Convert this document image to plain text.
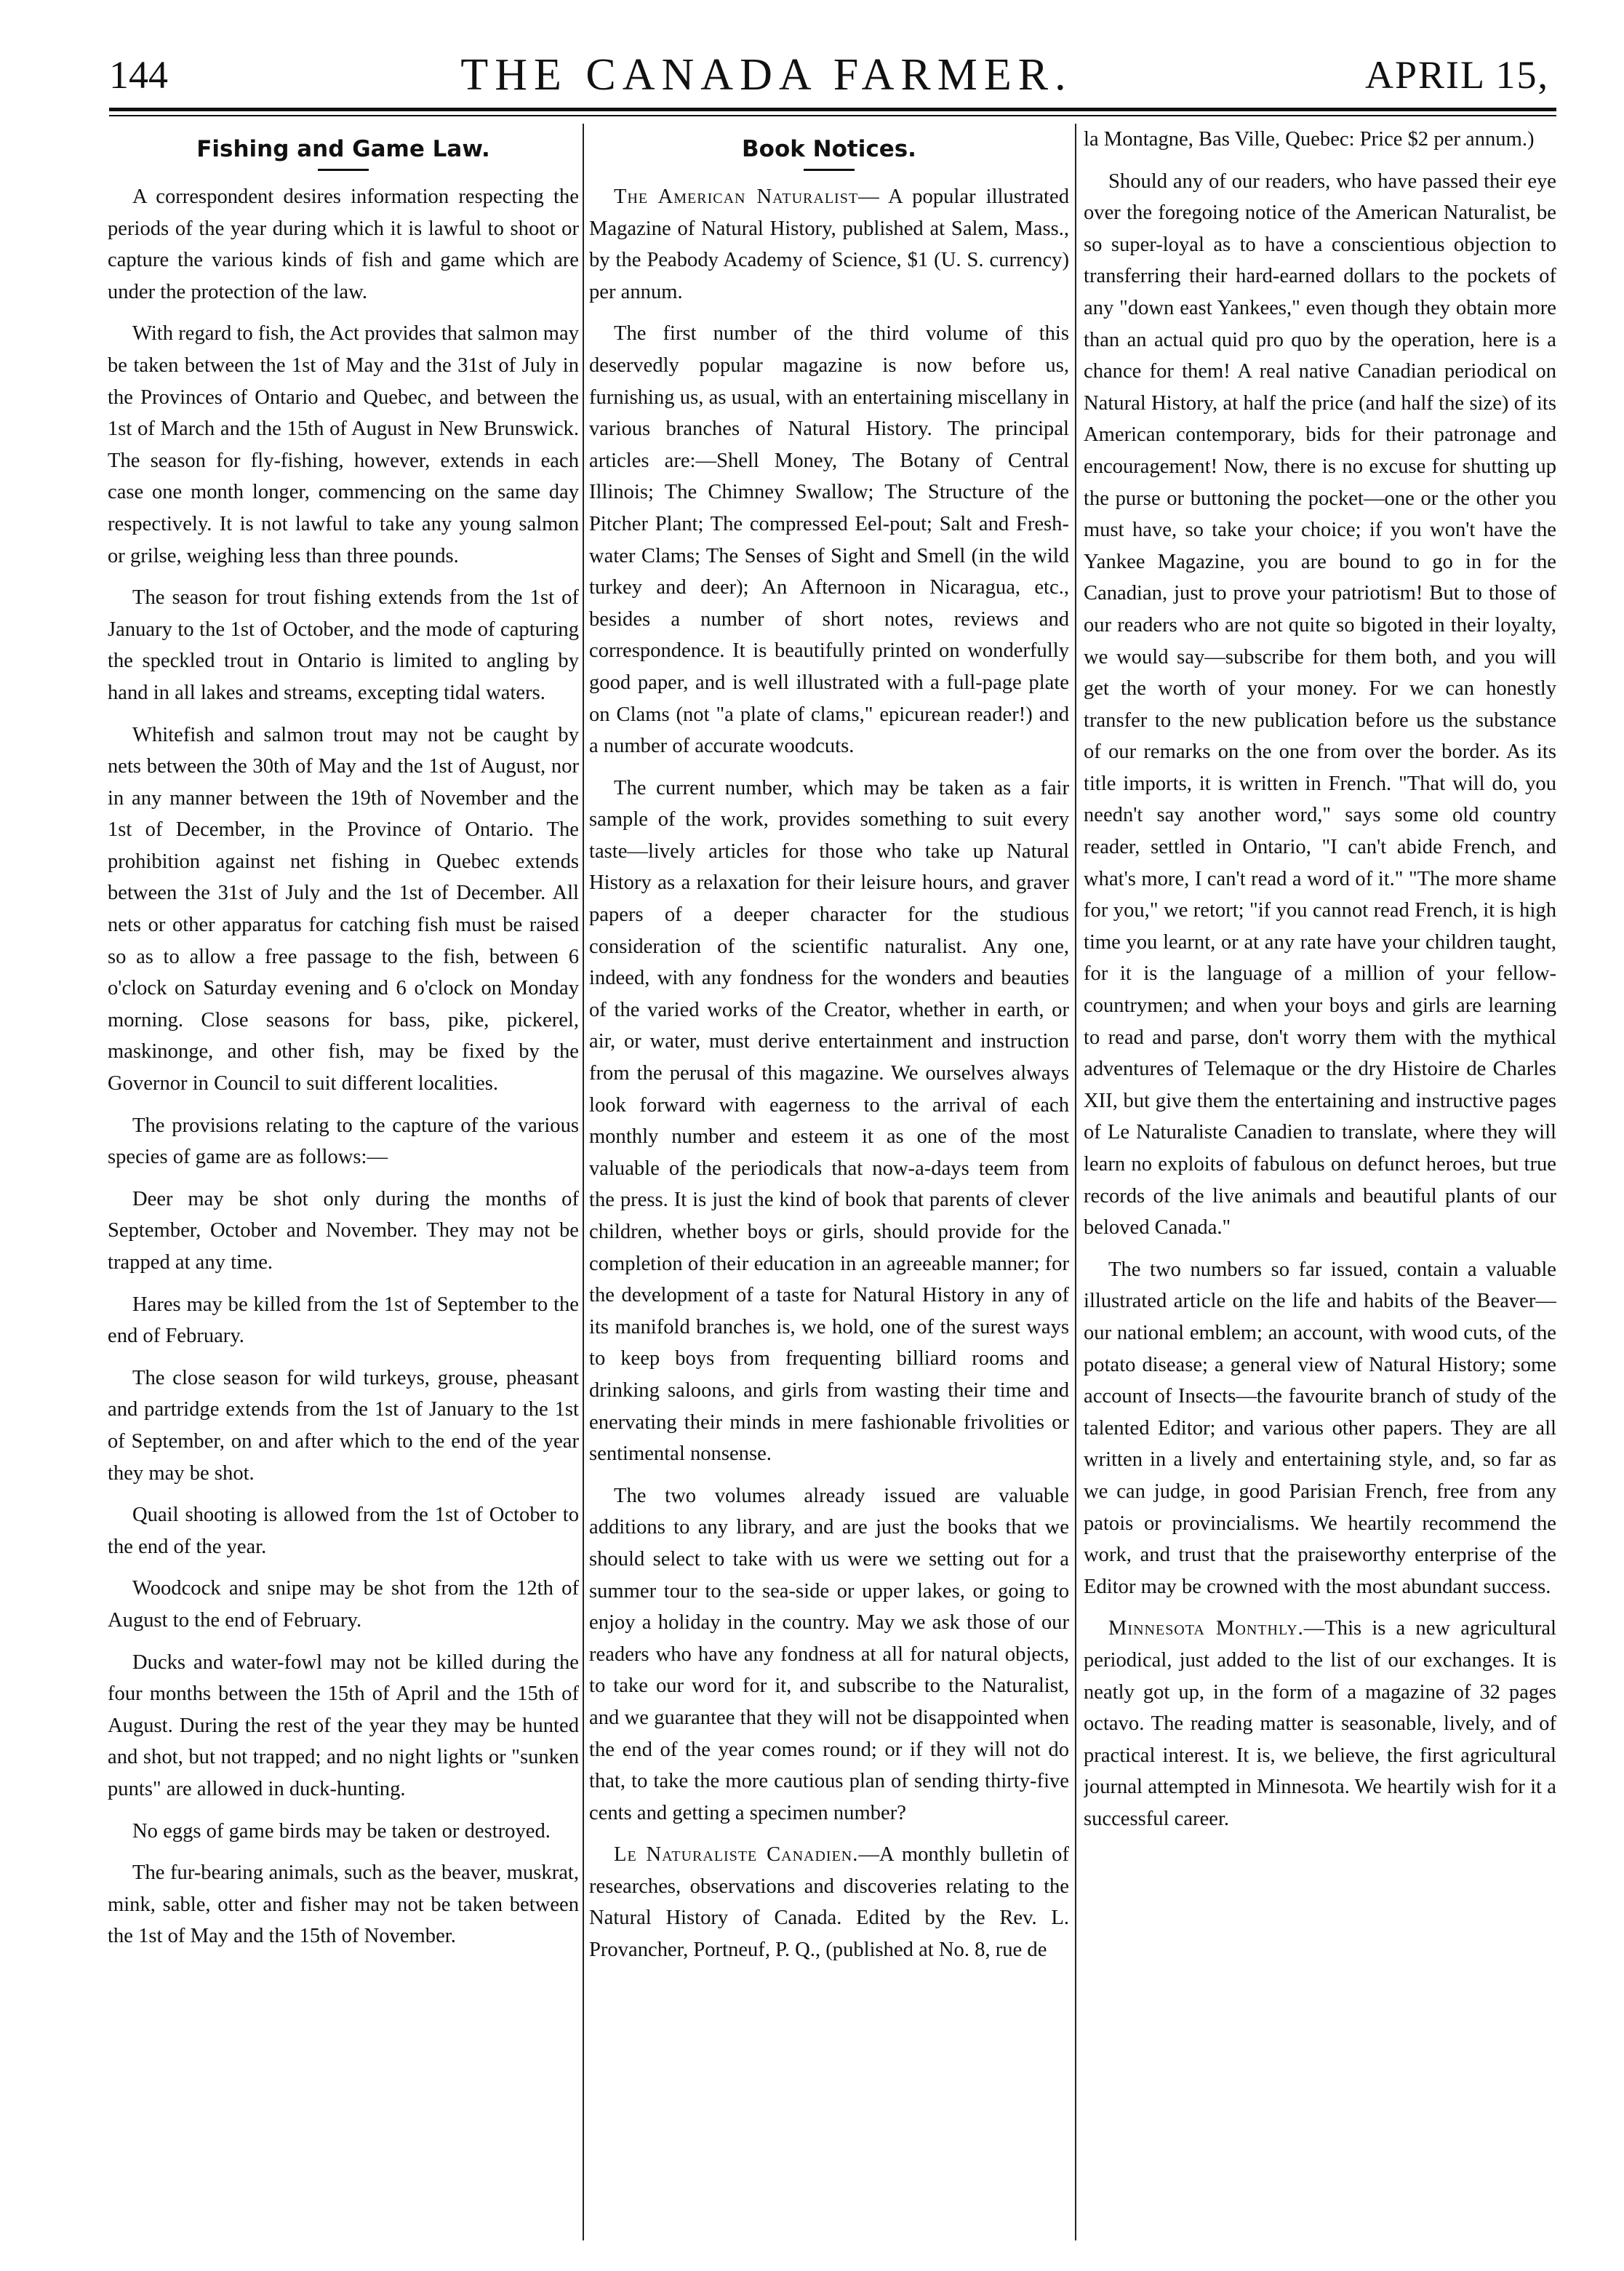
144	THE CANADA FARMER.	APRIL 15,
Fishing and Game Law.

A correspondent desires information respecting the periods of the year during which it is lawful to shoot or capture the various kinds of fish and game which are under the protection of the law.

With regard to fish, the Act provides that salmon may be taken between the 1st of May and the 31st of July in the Provinces of Ontario and Quebec, and between the 1st of March and the 15th of August in New Brunswick. The season for fly-fishing, however, extends in each case one month longer, commencing on the same day respectively. It is not lawful to take any young salmon or grilse, weighing less than three pounds.

The season for trout fishing extends from the 1st of January to the 1st of October, and the mode of capturing the speckled trout in Ontario is limited to angling by hand in all lakes and streams, excepting tidal waters.

Whitefish and salmon trout may not be caught by nets between the 30th of May and the 1st of August, nor in any manner between the 19th of November and the 1st of December, in the Province of Ontario. The prohibition against net fishing in Quebec extends between the 31st of July and the 1st of December. All nets or other apparatus for catching fish must be raised so as to allow a free passage to the fish, between 6 o'clock on Saturday evening and 6 o'clock on Monday morning. Close seasons for bass, pike, pickerel, maskinonge, and other fish, may be fixed by the Governor in Council to suit different localities.

The provisions relating to the capture of the various species of game are as follows:—

Deer may be shot only during the months of September, October and November. They may not be trapped at any time.

Hares may be killed from the 1st of September to the end of February.

The close season for wild turkeys, grouse, pheasant and partridge extends from the 1st of January to the 1st of September, on and after which to the end of the year they may be shot.

Quail shooting is allowed from the 1st of October to the end of the year.

Woodcock and snipe may be shot from the 12th of August to the end of February.

Ducks and water-fowl may not be killed during the four months between the 15th of April and the 15th of August. During the rest of the year they may be hunted and shot, but not trapped; and no night lights or "sunken punts" are allowed in duck-hunting.

No eggs of game birds may be taken or destroyed.

The fur-bearing animals, such as the beaver, muskrat, mink, sable, otter and fisher may not be taken between the 1st of May and the 15th of November.

Book Notices.

The American Naturalist— A popular illustrated Magazine of Natural History, published at Salem, Mass., by the Peabody Academy of Science, $1 (U. S. currency) per annum.

The first number of the third volume of this deservedly popular magazine is now before us, furnishing us, as usual, with an entertaining miscellany in various branches of Natural History. The principal articles are:—Shell Money, The Botany of Central Illinois; The Chimney Swallow; The Structure of the Pitcher Plant; The compressed Eel-pout; Salt and Fresh-water Clams; The Senses of Sight and Smell (in the wild turkey and deer); An Afternoon in Nicaragua, etc., besides a number of short notes, reviews and correspondence. It is beautifully printed on wonderfully good paper, and is well illustrated with a full-page plate on Clams (not "a plate of clams," epicurean reader!) and a number of accurate woodcuts.

The current number, which may be taken as a fair sample of the work, provides something to suit every taste—lively articles for those who take up Natural History as a relaxation for their leisure hours, and graver papers of a deeper character for the studious consideration of the scientific naturalist. Any one, indeed, with any fondness for the wonders and beauties of the varied works of the Creator, whether in earth, or air, or water, must derive entertainment and instruction from the perusal of this magazine. We ourselves always look forward with eagerness to the arrival of each monthly number and esteem it as one of the most valuable of the periodicals that now-a-days teem from the press. It is just the kind of book that parents of clever children, whether boys or girls, should provide for the completion of their education in an agreeable manner; for the development of a taste for Natural History in any of its manifold branches is, we hold, one of the surest ways to keep boys from frequenting billiard rooms and drinking saloons, and girls from wasting their time and enervating their minds in mere fashionable frivolities or sentimental nonsense.

The two volumes already issued are valuable additions to any library, and are just the books that we should select to take with us were we setting out for a summer tour to the sea-side or upper lakes, or going to enjoy a holiday in the country. May we ask those of our readers who have any fondness at all for natural objects, to take our word for it, and subscribe to the Naturalist, and we guarantee that they will not be disappointed when the end of the year comes round; or if they will not do that, to take the more cautious plan of sending thirty-five cents and getting a specimen number?

Le Naturaliste Canadien.—A monthly bulletin of researches, observations and discoveries relating to the Natural History of Canada. Edited by the Rev. L. Provancher, Portneuf, P. Q., (published at No. 8, rue de

la Montagne, Bas Ville, Quebec: Price $2 per annum.)

Should any of our readers, who have passed their eye over the foregoing notice of the American Naturalist, be so super-loyal as to have a conscientious objection to transferring their hard-earned dollars to the pockets of any "down east Yankees," even though they obtain more than an actual quid pro quo by the operation, here is a chance for them! A real native Canadian periodical on Natural History, at half the price (and half the size) of its American contemporary, bids for their patronage and encouragement! Now, there is no excuse for shutting up the purse or buttoning the pocket—one or the other you must have, so take your choice; if you won't have the Yankee Magazine, you are bound to go in for the Canadian, just to prove your patriotism! But to those of our readers who are not quite so bigoted in their loyalty, we would say—subscribe for them both, and you will get the worth of your money. For we can honestly transfer to the new publication before us the substance of our remarks on the one from over the border. As its title imports, it is written in French. "That will do, you needn't say another word," says some old country reader, settled in Ontario, "I can't abide French, and what's more, I can't read a word of it." "The more shame for you," we retort; "if you cannot read French, it is high time you learnt, or at any rate have your children taught, for it is the language of a million of your fellow-countrymen; and when your boys and girls are learning to read and parse, don't worry them with the mythical adventures of Telemaque or the dry Histoire de Charles XII, but give them the entertaining and instructive pages of Le Naturaliste Canadien to translate, where they will learn no exploits of fabulous on defunct heroes, but true records of the live animals and beautiful plants of our beloved Canada."

The two numbers so far issued, contain a valuable illustrated article on the life and habits of the Beaver—our national emblem; an account, with wood cuts, of the potato disease; a general view of Natural History; some account of Insects—the favourite branch of study of the talented Editor; and various other papers. They are all written in a lively and entertaining style, and, so far as we can judge, in good Parisian French, free from any patois or provincialisms. We heartily recommend the work, and trust that the praiseworthy enterprise of the Editor may be crowned with the most abundant success.

Minnesota Monthly.—This is a new agricultural periodical, just added to the list of our exchanges. It is neatly got up, in the form of a magazine of 32 pages octavo. The reading matter is seasonable, lively, and of practical interest. It is, we believe, the first agricultural journal attempted in Minnesota. We heartily wish for it a successful career.
